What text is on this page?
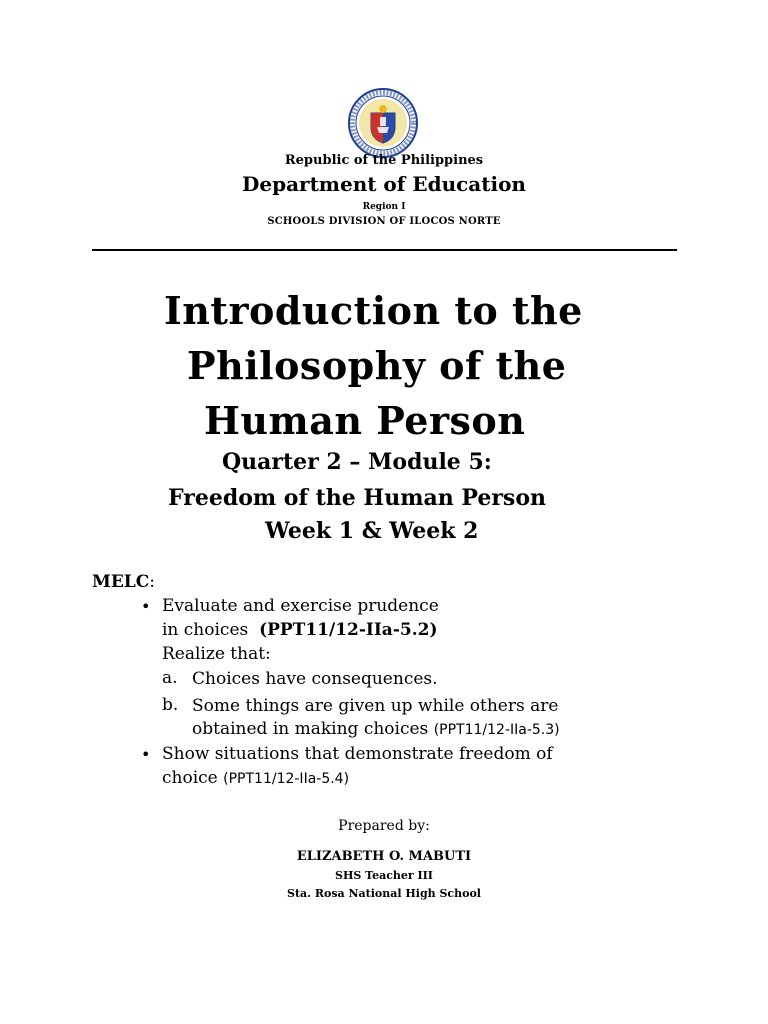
Republic of the Philippines
Department of Education
Region I
SCHOOLS DIVISION OF ILOCOS NORTE
Introduction to the
Philosophy of the
Human Person
Quarter 2 – Module 5:
Freedom of the Human Person
Week 1 & Week 2
MELC:
• Evaluate and exercise prudence
in choices (PPT11/12-IIa-5.2)
Realize that:
a. Choices have consequences.
b. Some things are given up while others are
obtained in making choices (PPT11/12-IIa-5.3)
• Show situations that demonstrate freedom of
choice (PPT11/12-IIa-5.4)
Prepared by:
ELIZABETH O. MABUTI
SHS Teacher III
Sta. Rosa National High School
